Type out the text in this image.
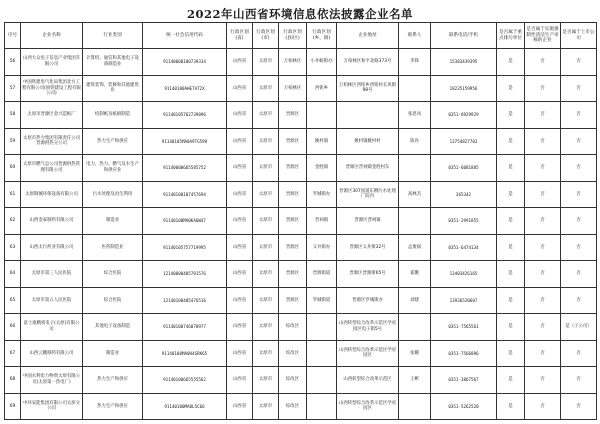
2022年山西省环境信息依法披露企业名单
序号	企业名称	行业类别	统一社会信用代码	行政区划(省)	行政区划(市)	行政区划(县/区)	行政区划(乡、镇)	企业地址	联系人	联系电话/手机	是否属于重点排污单位	是否属于实施强制性清洁生产审核的企业	是否属于上市公司
56	山西大众电子信息产业集团有限公司	计算机、通信和其他电子设备制造业	91140000100739334	山西省	太原市	万柏林区	小井峪街办	万柏林区和平北路373号	李锋	15383439395	是	否	否
57	中国铁建电气化局集团北方工程有限公司(国铁建设工程有限公司)	建筑装饰、装修和其他建筑业	91140100AHETAT2X	山西省	太原市	万柏林区	西铭乡	万柏林区西铭乡西铭村长风街98号		18235159956	是	否	否
58	太原市晋源区金兴造纸厂	机制纸及纸板制造	91140105762739096	山西省	太原市	晋源区			张思凤	0351-6929929	是	否	否
59	太原市热力集团有限责任公司晋源供热分公司	热力生产和供应	91140105MA0A9TG599	山西省	太原市	晋源区	姚村镇	姚村镇姚村村	陈亮	13754827703	是	否	否
60	太原市燃气总公司晋源供热管理有限公司	电力、热力、燃气及水生产和供应业	91140000665585752	山西省	太原市	晋源区	金胜镇	晋源区晋祠镇金胜村东		0351-6081885	是	否	否
61	太原钢城环保设备有限公司	污水处理及再生利用	91140100107457694	山西省	太原市	晋源区	罗城街办	晋源区307国道东侧污水处理厂院内	高林杰	365342	是	否	否
62	山西金泰制药有限公司	制造业	91140100MA0KA6W47	山西省	太原市	晋源区	晋祠镇	晋源区晋祠镇		0351-2991855	是	否	否
63	山西太行药业有限公司	医药制造业	91140105757719995	山西省	太原市	晋源区	义井街办	晋源区义井街32号	孟俊斌	0351-6474134	是	否	否
64	太原市第三人民医院	综合医院	12140000405701576	山西省	太原市	晋源区	晋源街道	晋源区晋源街65号	霍鹏	13403426165	是	否	否
65	太原市第五人民医院	综合医院	12140100405476516	山西省	太原市	晋源区	罗城街道	晋源区罗城街办	刘建	13936520607	是	否	否
66	富士康精密电子(太原)有限公司	其他电子设备制造	91140100746070977	山西省	太原市	综改区		山西转型综合改革示范区学府园区电子街5号		0351-7565561	是	否	是（子公司）
67	山西云鹏制药有限公司	制造业	91140100MA0H4GRK65	山西省	太原市	综改区		山西转型综合改革示范区学府园区	张耀	0351-7566096	是	否	否
68	中国水利电力物资太原有限公司(太原第一热电厂)	热力生产和供应	91140100665555562	山西省	太原市	综改区		山西转型综合改革示范区	王彬	0351-3867567	是	否	否
69	中环安能集团有限公司太原分公司	热力生产和供应	91140100MA0L5C66	山西省	太原市	综改区		山西转型综合改革示范区学府园区		0351-5262520	是	否	否
